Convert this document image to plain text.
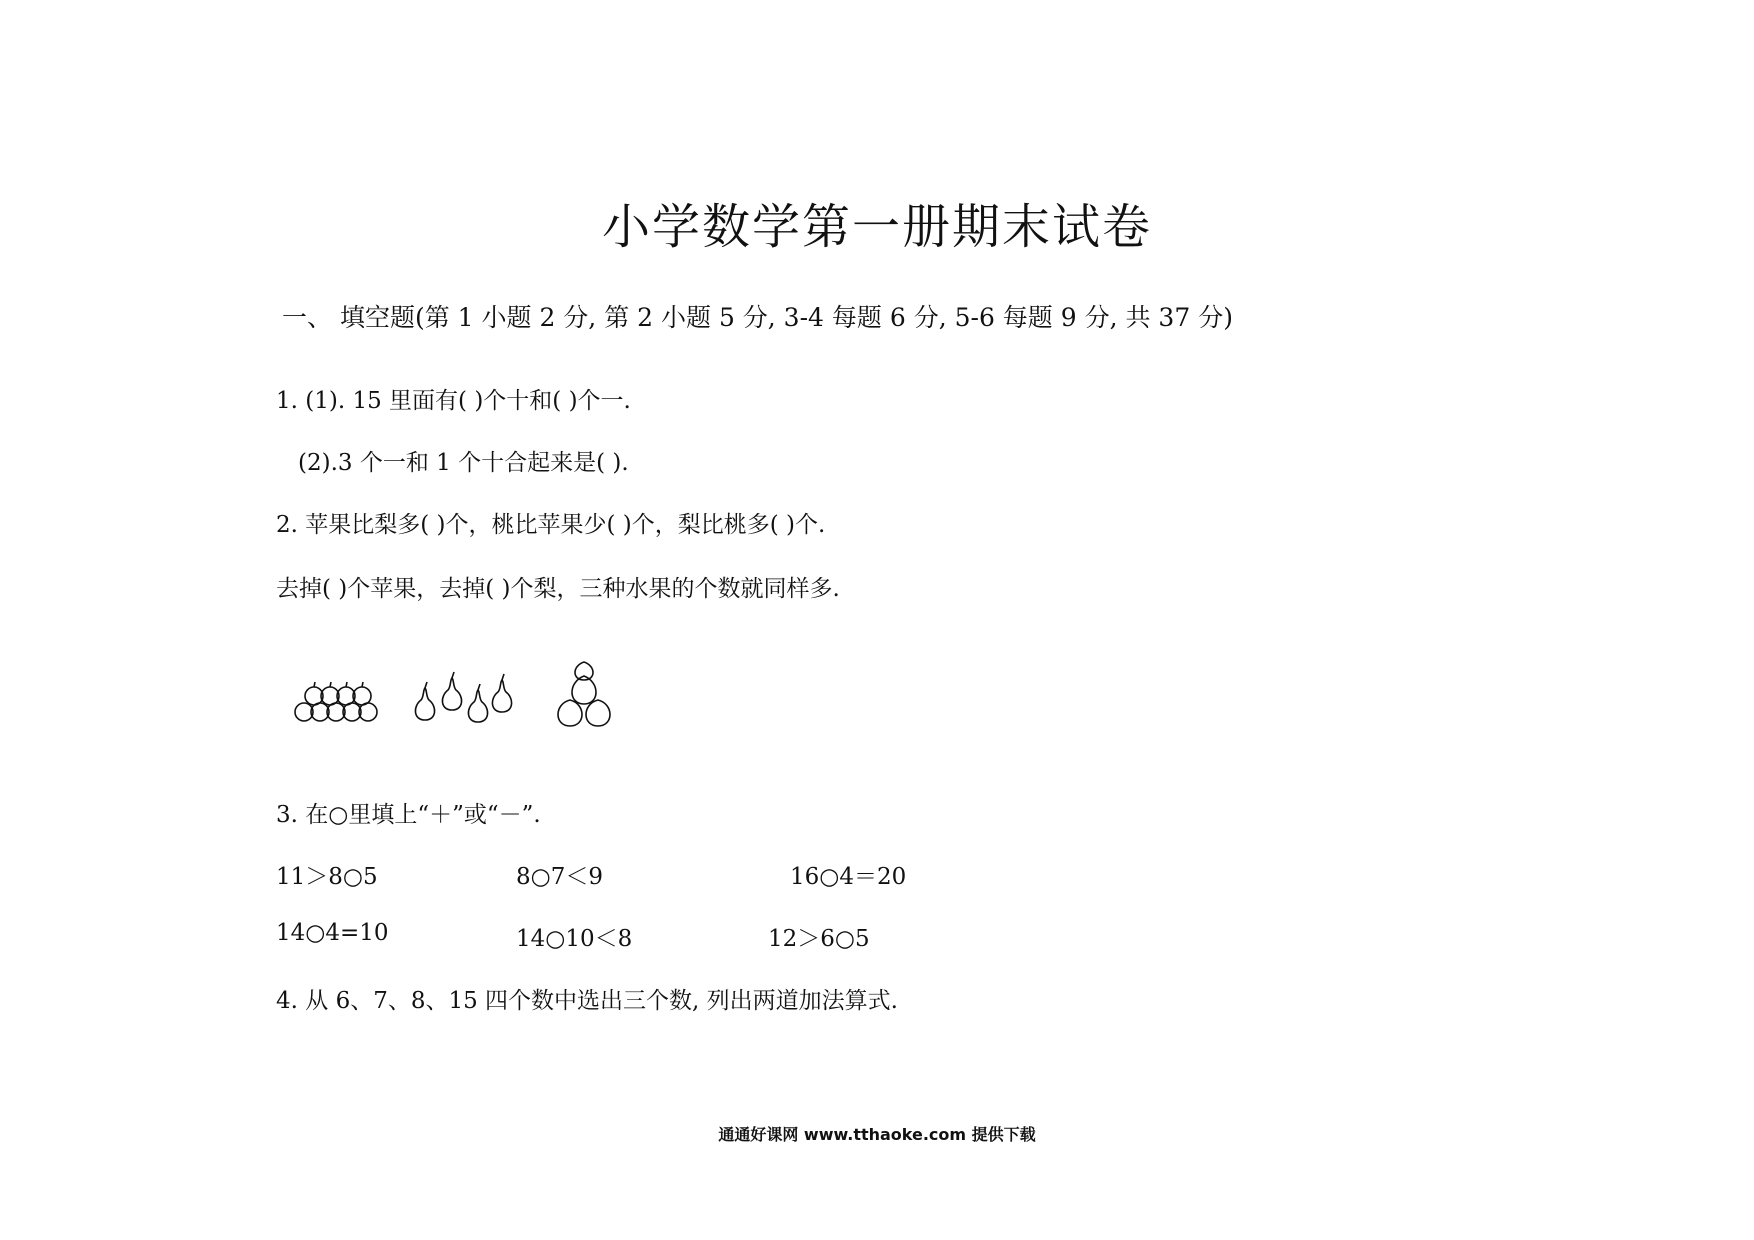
小学数学第一册期末试卷
一、 填空题(第 1 小题 2 分, 第 2 小题 5 分, 3-4 每题 6 分, 5-6 每题 9 分, 共 37 分)
1. (1). 15 里面有( )个十和( )个一.
(2).3 个一和 1 个十合起来是( ).
2. 苹果比梨多( )个，桃比苹果少( )个，梨比桃多( )个.
去掉( )个苹果，去掉( )个梨，三种水果的个数就同样多.
3. 在○里填上“＋”或“－”.
11＞8○5	8○7＜9	16○4＝20
14○4=10	14○10＜8	12＞6○5
4. 从 6、7、8、15 四个数中选出三个数, 列出两道加法算式.
通通好课网 www.tthaoke.com 提供下载
